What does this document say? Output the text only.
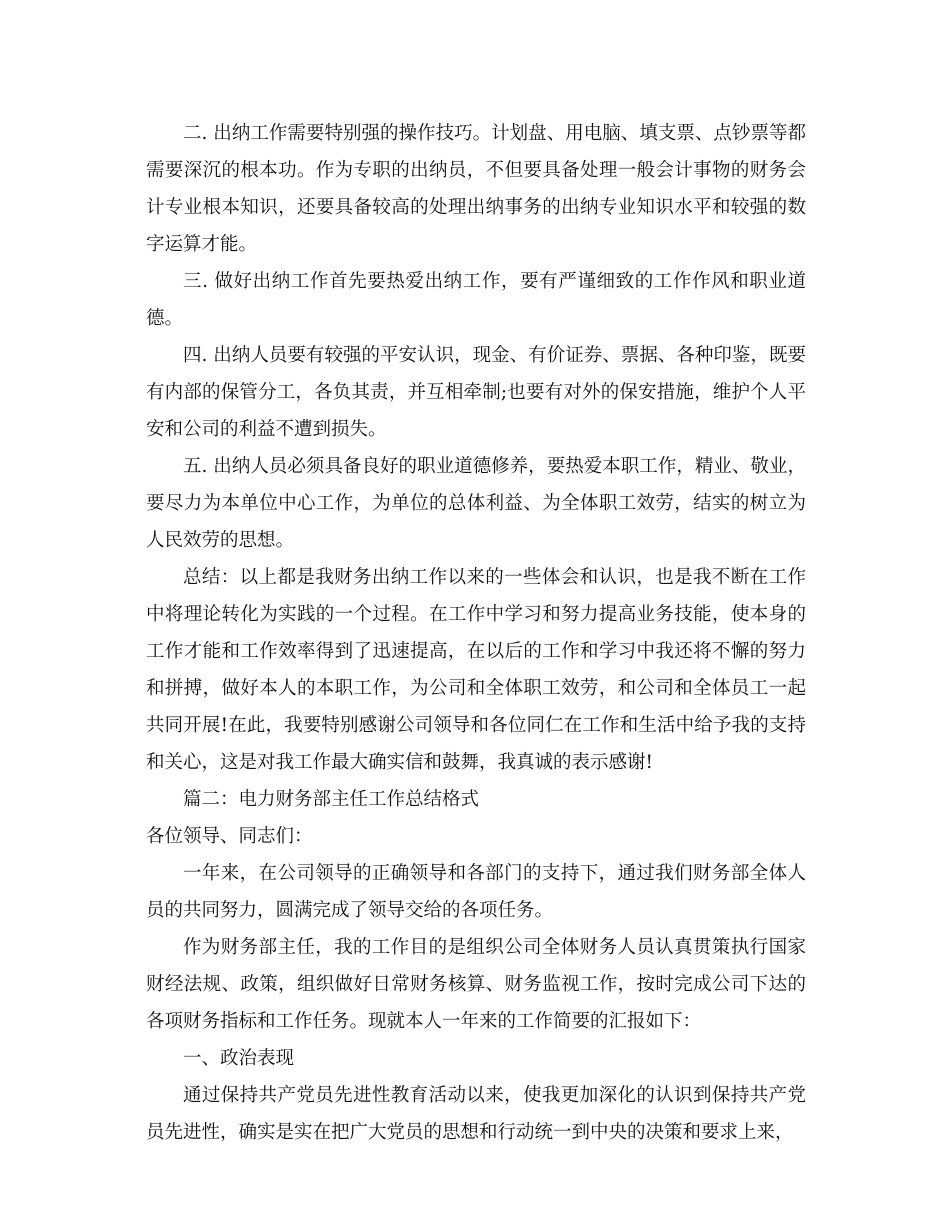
二. 出纳工作需要特别强的操作技巧。计划盘、用电脑、填支票、点钞票等都需要深沉的根本功。作为专职的出纳员，不但要具备处理一般会计事物的财务会计专业根本知识，还要具备较高的处理出纳事务的出纳专业知识水平和较强的数字运算才能。

三. 做好出纳工作首先要热爱出纳工作，要有严谨细致的工作作风和职业道德。

四. 出纳人员要有较强的平安认识，现金、有价证券、票据、各种印鉴，既要有内部的保管分工，各负其责，并互相牵制;也要有对外的保安措施，维护个人平安和公司的利益不遭到损失。

五. 出纳人员必须具备良好的职业道德修养，要热爱本职工作，精业、敬业，要尽力为本单位中心工作，为单位的总体利益、为全体职工效劳，结实的树立为人民效劳的思想。

总结：以上都是我财务出纳工作以来的一些体会和认识，也是我不断在工作中将理论转化为实践的一个过程。在工作中学习和努力提高业务技能，使本身的工作才能和工作效率得到了迅速提高，在以后的工作和学习中我还将不懈的努力和拼搏，做好本人的本职工作，为公司和全体职工效劳，和公司和全体员工一起共同开展!在此，我要特别感谢公司领导和各位同仁在工作和生活中给予我的支持和关心，这是对我工作最大确实信和鼓舞，我真诚的表示感谢!

篇二：电力财务部主任工作总结格式

各位领导、同志们：

一年来，在公司领导的正确领导和各部门的支持下，通过我们财务部全体人员的共同努力，圆满完成了领导交给的各项任务。

作为财务部主任，我的工作目的是组织公司全体财务人员认真贯策执行国家财经法规、政策，组织做好日常财务核算、财务监视工作，按时完成公司下达的各项财务指标和工作任务。现就本人一年来的工作简要的汇报如下：

一、政治表现

通过保持共产党员先进性教育活动以来，使我更加深化的认识到保持共产党员先进性，确实是实在把广大党员的思想和行动统一到中央的决策和要求上来，
